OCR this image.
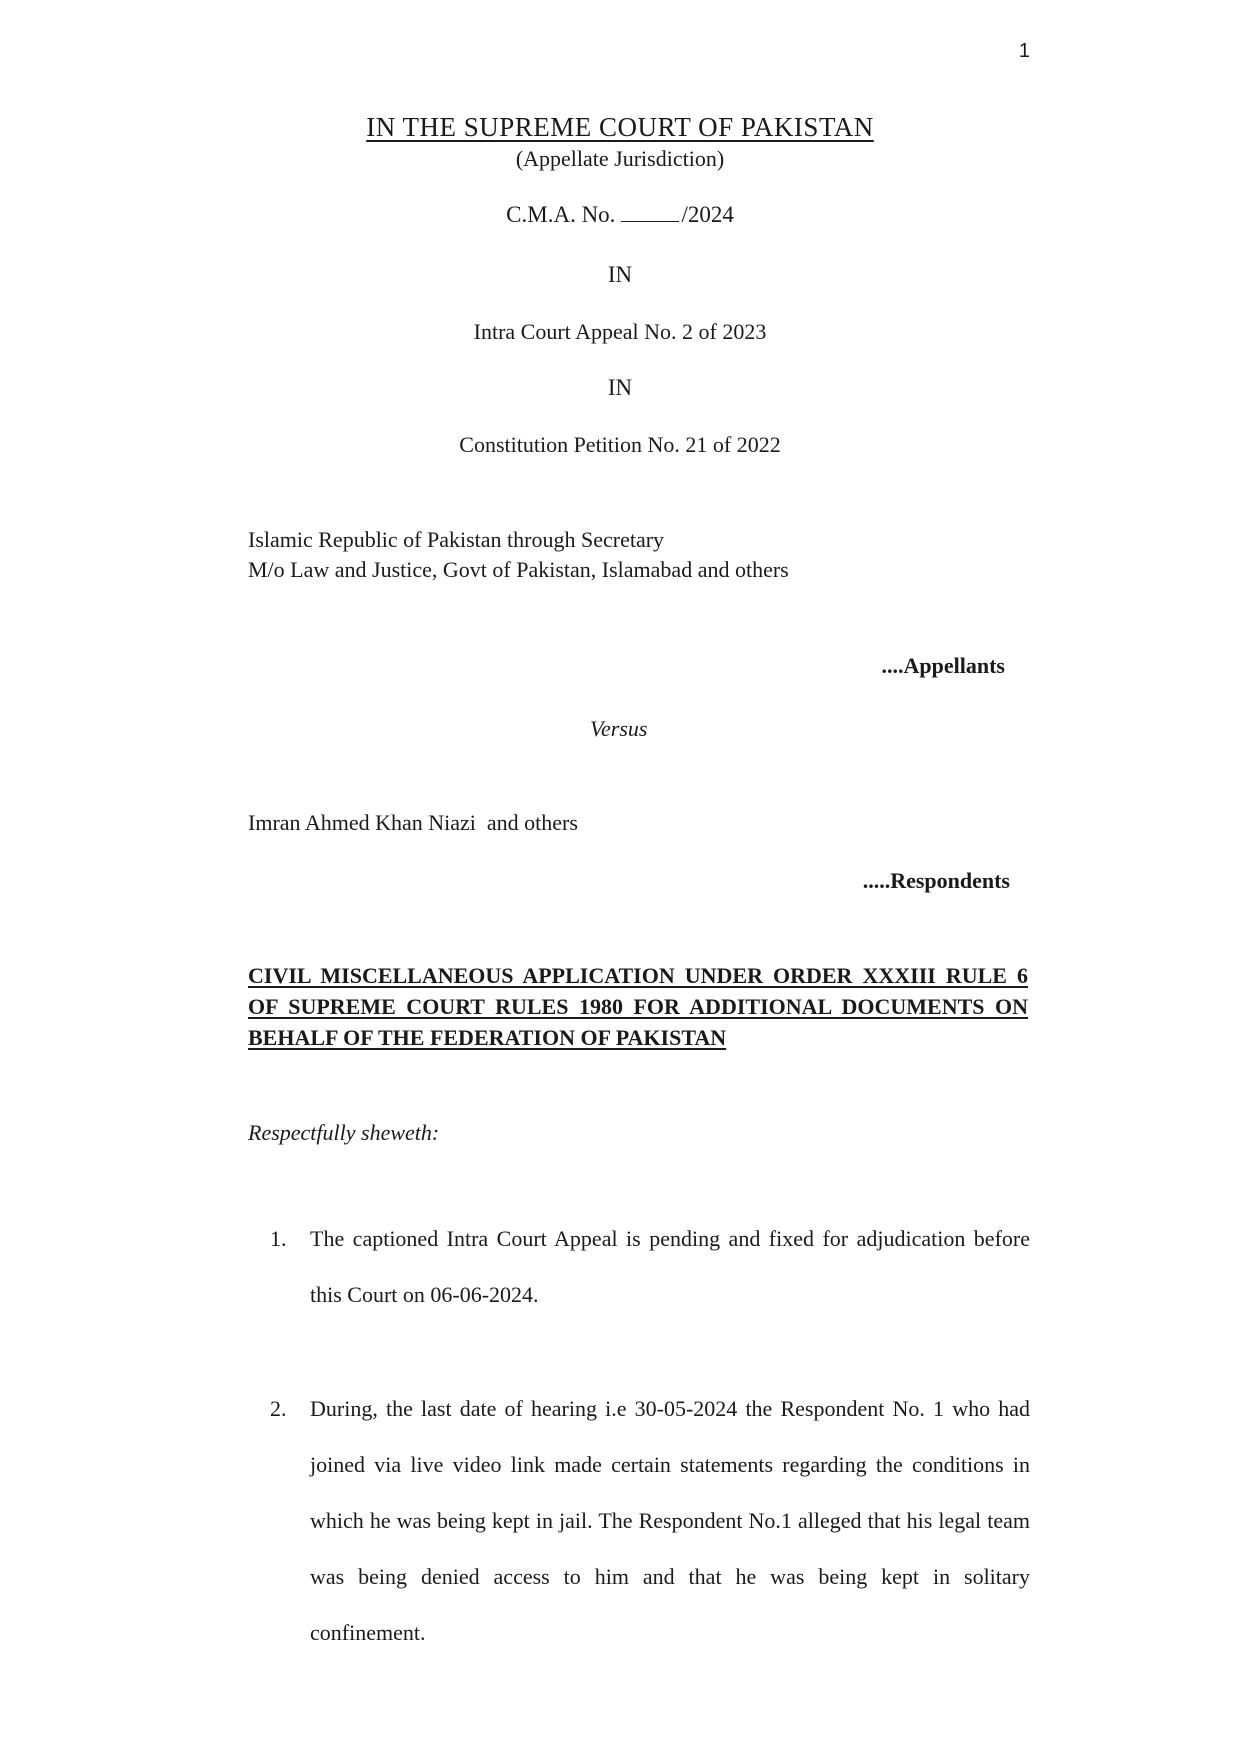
1
IN THE SUPREME COURT OF PAKISTAN
(Appellate Jurisdiction)
C.M.A. No.	/2024
IN
Intra Court Appeal No. 2 of 2023
IN
Constitution Petition No. 21 of 2022
Islamic Republic of Pakistan through Secretary
M/o Law and Justice, Govt of Pakistan, Islamabad and others
....Appellants
Versus
Imran Ahmed Khan Niazi  and others
.....Respondents
CIVIL MISCELLANEOUS APPLICATION UNDER ORDER XXXIII RULE 6 OF SUPREME COURT RULES 1980 FOR ADDITIONAL DOCUMENTS ON BEHALF OF THE FEDERATION OF PAKISTAN
Respectfully sheweth:
1. The captioned Intra Court Appeal is pending and fixed for adjudication before this Court on 06-06-2024.
2. During, the last date of hearing i.e 30-05-2024 the Respondent No. 1 who had joined via live video link made certain statements regarding the conditions in which he was being kept in jail. The Respondent No.1 alleged that his legal team was being denied access to him and that he was being kept in solitary confinement.
